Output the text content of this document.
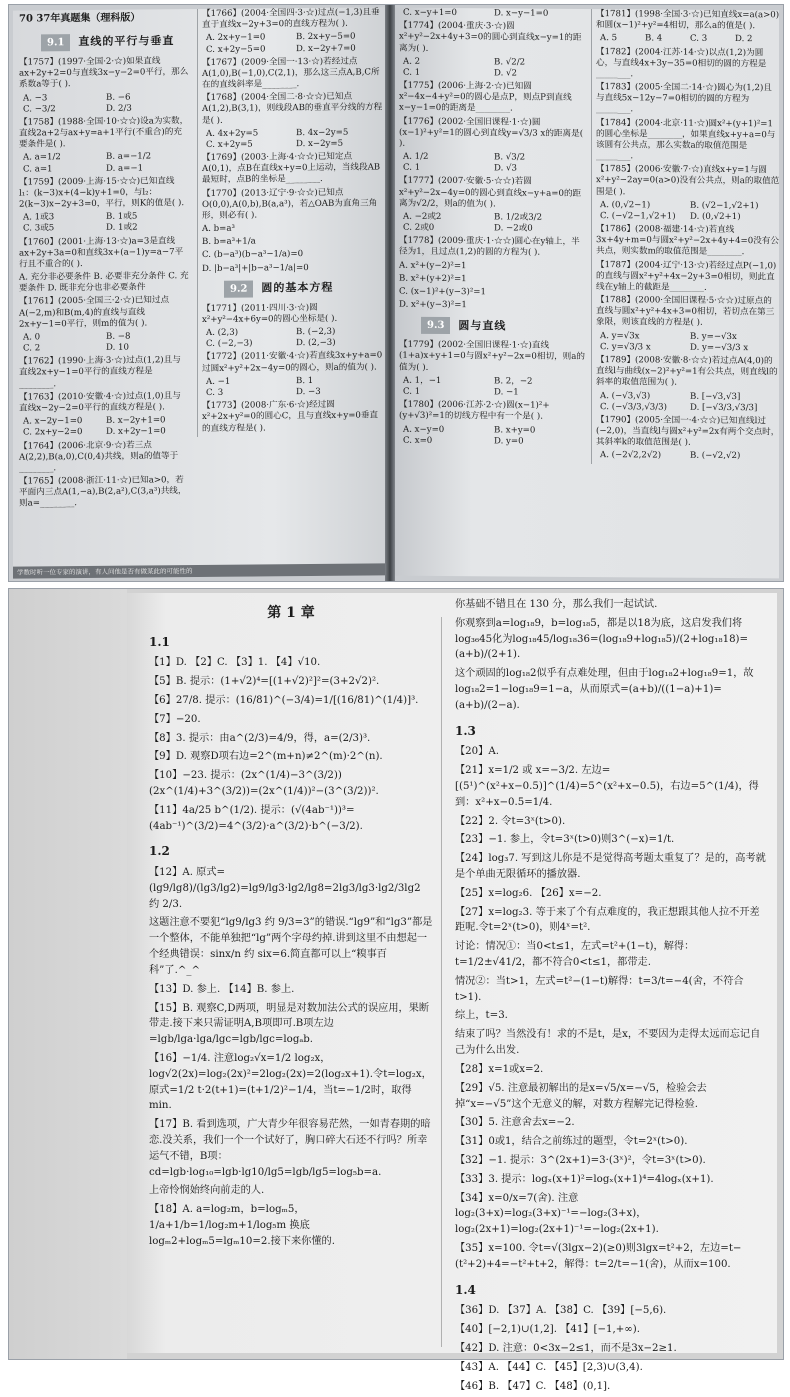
70 37年真题集（理科版）
9.1	直线的平行与垂直
【1757】(1997·全国·2·☆)如果直线ax+2y+2=0与直线3x−y−2=0平行，那么系数a等于( ).
A. −3	B. −6
C. −3/2	D. 2/3
【1758】(1988·全国·10·☆☆)设a为实数，直线2a+2与ax+y=a+1平行(不重合)的充要条件是( ).
A. a=1/2	B. a=−1/2
C. a=1	D. a=−1
【1759】(2009·上海·15·☆☆)已知直线l₁：(k−3)x+(4−k)y+1=0，与l₂：2(k−3)x−2y+3=0，平行，则K的值是( ).
A. 1或3	B. 1或5
C. 3或5	D. 1或2
【1760】(2001·上海·13·☆)a=3是直线ax+2y+3a=0和直线3x+(a−1)y=a−7平行且不重合的( ).
A. 充分非必要条件 B. 必要非充分条件 C. 充要条件 D. 既非充分也非必要条件
【1761】(2005·全国三·2·☆)已知过点A(−2,m)和B(m,4)的直线与直线2x+y−1=0平行，则m的值为( ).
A. 0	B. −8
C. 2	D. 10
【1762】(1990·上海·3·☆)过点(1,2)且与直线2x+y−1=0平行的直线方程是________.
【1763】(2010·安徽·4·☆)过点(1,0)且与直线x−2y−2=0平行的直线方程是( ).
A. x−2y−1=0	B. x−2y+1=0
C. 2x+y−2=0	D. x+2y−1=0
【1764】(2006·北京·9·☆)若三点A(2,2),B(a,0),C(0,4)共线，则a的值等于________.
【1765】(2008·浙江·11·☆)已知a>0，若平面内三点A(1,−a),B(2,a²),C(3,a³)共线，则a=________.
【1766】(2004·全国四·3·☆)过点(−1,3)且垂直于直线x−2y+3=0的直线方程为( ).
A. 2x+y−1=0	B. 2x+y−5=0
C. x+2y−5=0	D. x−2y+7=0
【1767】(2009·全国一·13·☆)若经过点A(1,0),B(−1,0),C(2,1)，那么这三点A,B,C所在的直线斜率是________.
【1768】(2004·全国二·8·☆☆)已知点A(1,2),B(3,1)，则线段AB的垂直平分线的方程是( ).
A. 4x+2y=5	B. 4x−2y=5
C. x+2y=5	D. x−2y=5
【1769】(2003·上海·4·☆☆)已知定点A(0,1)，点B在直线x+y=0上运动，当线段AB最短时，点B的坐标是________.
【1770】(2013·辽宁·9·☆☆)已知点O(0,0),A(0,b),B(a,a³)，若△OAB为直角三角形，则必有( ).
A. b=a³
B. b=a³+1/a
C. (b−a³)(b−a³−1/a)=0
D. |b−a³|+|b−a³−1/a|=0
9.2	圆的基本方程
【1771】(2011·四川·3·☆)圆x²+y²−4x+6y=0的圆心坐标是( ).
A. (2,3)	B. (−2,3)
C. (−2,−3)	D. (2,−3)
【1772】(2011·安徽·4·☆)若直线3x+y+a=0过圆x²+y²+2x−4y=0的圆心，则a的值为( ).
A. −1	B. 1
C. 3	D. −3
【1773】(2008·广东·6·☆)经过圆x²+2x+y²=0的圆心C，且与直线x+y=0垂直的直线方程是( ).
学数时听一位专家的演讲，有人问他是否有做某此的可能性的
C. x−y+1=0	D. x−y−1=0
【1774】(2004·重庆·3·☆)圆x²+y²−2x+4y+3=0的圆心到直线x−y=1的距离为( ).
A. 2	B. √2/2
C. 1	D. √2
【1775】(2006·上海·2·☆)已知圆x²−4x−4+y²=0的圆心是点P，则点P到直线x−y−1=0的距离是________.
【1776】(2002·全国旧课程·1·☆)圆(x−1)²+y²=1的圆心到直线y=√3/3 x的距离是( ).
A. 1/2	B. √3/2
C. 1	D. √3
【1777】(2007·安徽·5·☆☆)若圆x²+y²−2x−4y=0的圆心到直线x−y+a=0的距离为√2/2，则a的值为( ).
A. −2或2	B. 1/2或3/2
C. 2或0	D. −2或0
【1778】(2009·重庆·1·☆☆)圆心在y轴上，半径为1，且过点(1,2)的圆的方程为( ).
A. x²+(y−2)²=1
B. x²+(y+2)²=1
C. (x−1)²+(y−3)²=1
D. x²+(y−3)²=1
9.3	圆与直线
【1779】(2002·全国旧课程·1·☆)直线(1+a)x+y+1=0与圆x²+y²−2x=0相切，则a的值为( ).
A. 1，−1	B. 2，−2
C. 1	D. −1
【1780】(2006·江苏·2·☆)圆(x−1)²+(y+√3)²=1的切线方程中有一个是( ).
A. x−y=0	B. x+y=0
C. x=0	D. y=0
【1781】(1998·全国·3·☆)已知直线x=a(a>0)和圆(x−1)²+y²=4相切，那么a的值是( ).
A. 5	B. 4	C. 3	D. 2
【1782】(2004·江苏·14·☆)以点(1,2)为圆心，与直线4x+3y−35=0相切的圆的方程是________.
【1783】(2005·全国二·14·☆)圆心为(1,2)且与直线5x−12y−7=0相切的圆的方程为________.
【1784】(2004·北京·11·☆)圆x²+(y+1)²=1的圆心坐标是________，如果直线x+y+a=0与该圆有公共点，那么实数a的取值范围是________.
【1785】(2006·安徽·7·☆)直线x+y=1与圆x²+y²−2ay=0(a>0)没有公共点，则a的取值范围是( ).
A. (0,√2−1)	B. (√2−1,√2+1)
C. (−√2−1,√2+1)	D. (0,√2+1)
【1786】(2008·福建·14·☆)若直线3x+4y+m=0与圆x²+y²−2x+4y+4=0没有公共点，则实数m的取值范围是________.
【1787】(2004·辽宁·13·☆)若经过点P(−1,0)的直线与圆x²+y²+4x−2y+3=0相切，则此直线在y轴上的截距是________.
【1788】(2000·全国旧课程·5·☆☆)过原点的直线与圆x²+y²+4x+3=0相切，若切点在第三象限，则该直线的方程是( ).
A. y=√3x	B. y=−√3x
C. y=√3/3 x	D. y=−√3/3 x
【1789】(2008·安徽·8·☆☆)若过点A(4,0)的直线l与曲线(x−2)²+y²=1有公共点，则直线l的斜率的取值范围为( ).
A. (−√3,√3)	B. [−√3,√3]
C. (−√3/3,√3/3)	D. [−√3/3,√3/3]
【1790】(2005·全国一·4·☆☆)已知直线l过(−2,0)，当直线l与圆x²+y²=2x有两个交点时，其斜率k的取值范围是( ).
A. (−2√2,2√2)	B. (−√2,√2)
第 1 章
1.1
【1】D. 【2】C. 【3】1. 【4】√10.
【5】B. 提示：(1+√2)⁴=[(1+√2)²]²=(3+2√2)².
【6】27/8. 提示：(16/81)^(−3/4)=1/[(16/81)^(1/4)]³.
【7】−20.
【8】3. 提示：由a^(2/3)=4/9，得，a=(2/3)³.
【9】D. 观察D项右边=2^(m+n)≠2^(m)·2^(n).
【10】−23. 提示：(2x^(1/4)−3^(3/2))(2x^(1/4)+3^(3/2))=(2x^(1/4))²−(3^(3/2))².
【11】4a/25 b^(1/2). 提示：(√(4ab⁻¹))³=(4ab⁻¹)^(3/2)=4^(3/2)·a^(3/2)·b^(−3/2).
1.2
【12】A. 原式=(lg9/lg8)/(lg3/lg2)=lg9/lg3·lg2/lg8=2lg3/lg3·lg2/3lg2 约 2/3.
这题注意不要犯“lg9/lg3 约 9/3=3”的错误.“lg9”和“lg3”都是一个整体，不能单独把“lg”两个字母约掉.讲到这里不由想起一个经典错误：sinx/n 约 six=6.简直都可以上“糗事百科”了.^_^
【13】D. 参上. 【14】B. 参上.
【15】B. 观察C,D两项，明显是对数加法公式的误应用，果断带走.接下来只需证明A,B项即可.B项左边=lgb/lga·lga/lgc=lgb/lgc=logₐb.
【16】−1/4. 注意log₂√x=1/2 log₂x，log√2(2x)=log₂(2x)²=2log₂(2x)=2(log₂x+1).令t=log₂x，原式=1/2 t·2(t+1)=(t+1/2)²−1/4，当t=−1/2时，取得min.
【17】B. 看到选项，广大青少年很容易茫然，一如青春期的暗恋.没关系，我们一个一个试好了，胸口碎大石还不行吗？所幸运气不错，B项：cd=lgb·log₁₀=lgb·lg10/lg5=lgb/lg5=log₅b=a.
上帝怜悯始终向前走的人.
【18】A. a=log₂m，b=logₘ5，1/a+1/b=1/log₂m+1/log₅m 换底 logₘ2+logₘ5=lgₘ10=2.接下来你懂的.
你基础不错且在 130 分，那么我们一起试试.
你观察到a=log₁₈9，b=log₁₈5，都是以18为底，这启发我们将log₃₆45化为log₁₈45/log₁₈36=(log₁₈9+log₁₈5)/(2+log₁₈18)=(a+b)/(2+1).
这个顽固的log₁₈2似乎有点难处理，但由于log₁₈2+log₁₈9=1，故log₁₈2=1−log₁₈9=1−a，从而原式=(a+b)/((1−a)+1)=(a+b)/(2−a).
1.3
【20】A.
【21】x=1/2 或 x=−3/2. 左边=[(5¹)^(x²+x−0.5)]^(1/4)=5^(x²+x−0.5)，右边=5^(1/4)，得到：x²+x−0.5=1/4.
【22】2. 令t=3ˣ(t>0).
【23】−1. 参上，令t=3ˣ(t>0)则3^(−x)=1/t.
【24】log₃7. 写到这儿你是不是觉得高考题太重复了？是的，高考就是个单曲无限循环的播放器.
【25】x=log₂6. 【26】x=−2.
【27】x=log₂3. 等于来了个有点难度的，我正想跟其他人拉不开差距呢.令t=2ˣ(t>0)，则4ˣ=t².
讨论：情况①：当0<t≤1，左式=t²+(1−t)，解得：t=1/2±√41/2，都不符合0<t≤1，都带走.
情况②：当t>1，左式=t²−(1−t)解得：t=3/t=−4(舍，不符合t>1).
综上，t=3.
结束了吗？当然没有！求的不是t，是x，不要因为走得太远而忘记自己为什么出发.
【28】x=1或x=2.
【29】√5. 注意最初解出的是x=√5/x=−√5，检验会去掉“x=−√5”这个无意义的解，对数方程解完记得检验.
【30】5. 注意舍去x=−2.
【31】0或1，结合之前练过的题型，令t=2ˣ(t>0).
【32】−1. 提示：3^(2x+1)=3·(3ˣ)²，令t=3ˣ(t>0).
【33】3. 提示：logₓ(x+1)²=logₓ(x+1)⁴=4logₓ(x+1).
【34】x=0/x=7(舍). 注意log₂(3+x)=log₂(3+x)⁻¹=−log₂(3+x)，log₂(2x+1)=log₂(2x+1)⁻¹=−log₂(2x+1).
【35】x=100. 令t=√(3lgx−2)(≥0)则3lgx=t²+2，左边=t−(t²+2)+4=−t²+t+2，解得：t=2/t=−1(舍)，从而x=100.
1.4
【36】D. 【37】A. 【38】C. 【39】[−5,6).
【40】[−2,1)∪(1,2]. 【41】[−1,+∞).
【42】D. 注意：0<3x−2≤1，而不是3x−2≥1.
【43】A. 【44】C. 【45】[2,3)∪(3,4).
【46】B. 【47】C. 【48】(0,1].
